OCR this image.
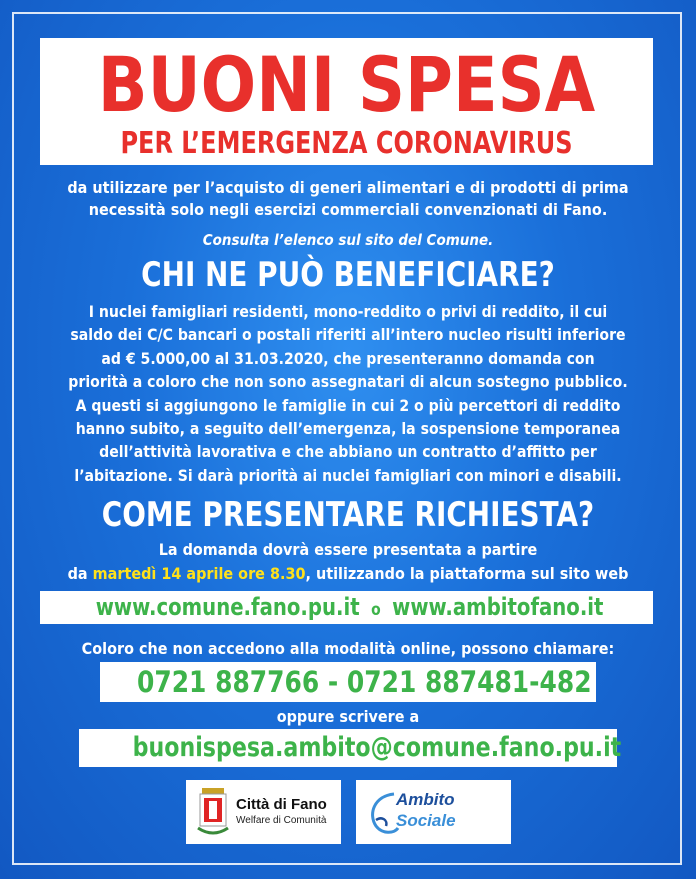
BUONI SPESA
PER L’EMERGENZA CORONAVIRUS
da utilizzare per l’acquisto di generi alimentari e di prodotti di prima
necessità solo negli esercizi commerciali convenzionati di Fano.
Consulta l’elenco sul sito del Comune.
CHI NE PUÒ BENEFICIARE?
I nuclei famigliari residenti, mono-reddito o privi di reddito, il cui
saldo dei C/C bancari o postali riferiti all’intero nucleo risulti inferiore
ad € 5.000,00 al 31.03.2020, che presenteranno domanda con
priorità a coloro che non sono assegnatari di alcun sostegno pubblico.
A questi si aggiungono le famiglie in cui 2 o più percettori di reddito
hanno subito, a seguito dell’emergenza, la sospensione temporanea
dell’attività lavorativa e che abbiano un contratto d’affitto per
l’abitazione. Si darà priorità ai nuclei famigliari con minori e disabili.
COME PRESENTARE RICHIESTA?
La domanda dovrà essere presentata a partire
da martedì 14 aprile ore 8.30, utilizzando la piattaforma sul sito web
www.comune.fano.pu.it o www.ambitofano.it
Coloro che non accedono alla modalità online, possono chiamare:
0721 887766 - 0721 887481-482
oppure scrivere a
buonispesa.ambito@comune.fano.pu.it
Città di Fano
Welfare di Comunità
Ambito
Sociale
